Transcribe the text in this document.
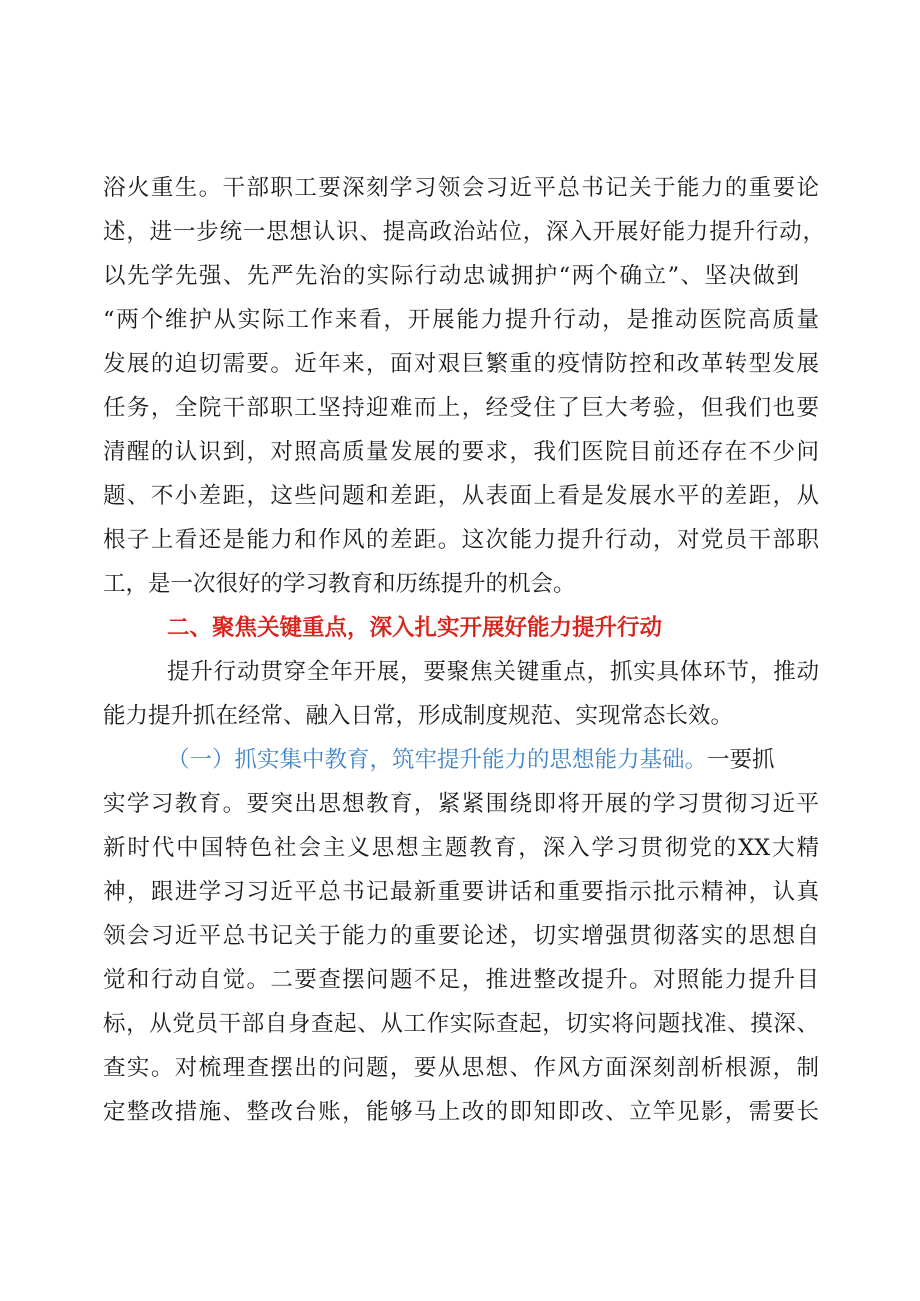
浴火重生。干部职工要深刻学习领会习近平总书记关于能力的重要论
述，进一步统一思想认识、提高政治站位，深入开展好能力提升行动，
以先学先强、先严先治的实际行动忠诚拥护“两个确立”、坚决做到
“两个维护从实际工作来看，开展能力提升行动，是推动医院高质量
发展的迫切需要。近年来，面对艰巨繁重的疫情防控和改革转型发展
任务，全院干部职工坚持迎难而上，经受住了巨大考验，但我们也要
清醒的认识到，对照高质量发展的要求，我们医院目前还存在不少问
题、不小差距，这些问题和差距，从表面上看是发展水平的差距，从
根子上看还是能力和作风的差距。这次能力提升行动，对党员干部职
工，是一次很好的学习教育和历练提升的机会。
二、聚焦关键重点，深入扎实开展好能力提升行动
提升行动贯穿全年开展，要聚焦关键重点，抓实具体环节，推动
能力提升抓在经常、融入日常，形成制度规范、实现常态长效。
（一）抓实集中教育，筑牢提升能力的思想能力基础。一要抓
实学习教育。要突出思想教育，紧紧围绕即将开展的学习贯彻习近平
新时代中国特色社会主义思想主题教育，深入学习贯彻党的XX大精
神，跟进学习习近平总书记最新重要讲话和重要指示批示精神，认真
领会习近平总书记关于能力的重要论述，切实增强贯彻落实的思想自
觉和行动自觉。二要查摆问题不足，推进整改提升。对照能力提升目
标，从党员干部自身查起、从工作实际查起，切实将问题找准、摸深、
查实。对梳理查摆出的问题，要从思想、作风方面深刻剖析根源，制
定整改措施、整改台账，能够马上改的即知即改、立竿见影，需要长
